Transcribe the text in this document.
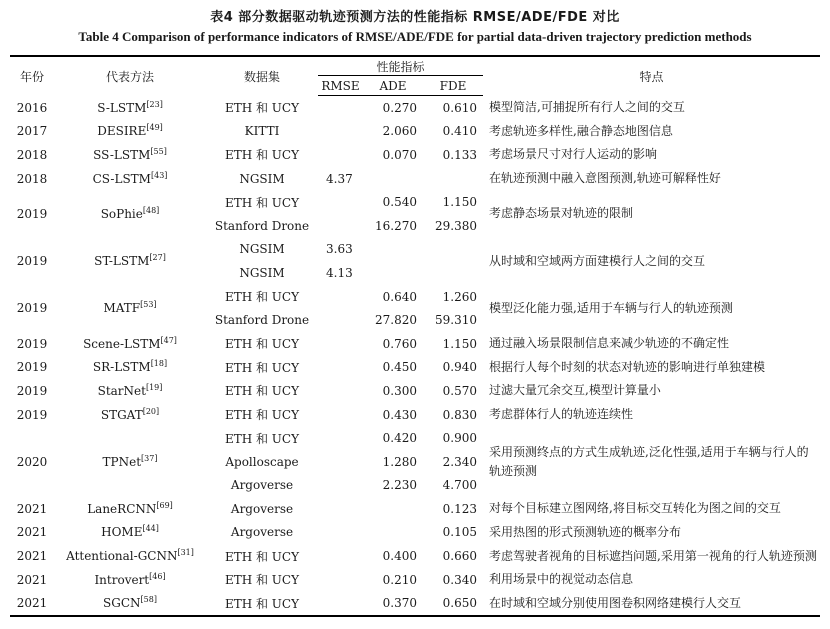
表4 部分数据驱动轨迹预测方法的性能指标 RMSE/ADE/FDE 对比
Table 4 Comparison of performance indicators of RMSE/ADE/FDE for partial data-driven trajectory prediction methods
年份	代表方法	数据集	性能指标			特点
			RMSE	ADE	FDE	
2016	S-LSTM[23]	ETH 和 UCY		0.270	0.610	模型简洁,可捕捉所有行人之间的交互
2017	DESIRE[49]	KITTI		2.060	0.410	考虑轨迹多样性,融合静态地图信息
2018	SS-LSTM[55]	ETH 和 UCY		0.070	0.133	考虑场景尺寸对行人运动的影响
2018	CS-LSTM[43]	NGSIM	4.37			在轨迹预测中融入意图预测,轨迹可解释性好
2019	SoPhie[48]	ETH 和 UCY		0.540	1.150	考虑静态场景对轨迹的限制
		Stanford Drone		16.270	29.380	
2019	ST-LSTM[27]	NGSIM	3.63			从时域和空域两方面建模行人之间的交互
		NGSIM	4.13			
2019	MATF[53]	ETH 和 UCY		0.640	1.260	模型泛化能力强,适用于车辆与行人的轨迹预测
		Stanford Drone		27.820	59.310	
2019	Scene-LSTM[47]	ETH 和 UCY		0.760	1.150	通过融入场景限制信息来减少轨迹的不确定性
2019	SR-LSTM[18]	ETH 和 UCY		0.450	0.940	根据行人每个时刻的状态对轨迹的影响进行单独建模
2019	StarNet[19]	ETH 和 UCY		0.300	0.570	过滤大量冗余交互,模型计算量小
2019	STGAT[20]	ETH 和 UCY		0.430	0.830	考虑群体行人的轨迹连续性
2020	TPNet[37]	ETH 和 UCY		0.420	0.900	采用预测终点的方式生成轨迹,泛化性强,适用于车辆与行人的轨迹预测
		Apolloscape		1.280	2.340	
		Argoverse		2.230	4.700	
2021	LaneRCNN[69]	Argoverse			0.123	对每个目标建立图网络,将目标交互转化为图之间的交互
2021	HOME[44]	Argoverse			0.105	采用热图的形式预测轨迹的概率分布
2021	Attentional-GCNN[31]	ETH 和 UCY		0.400	0.660	考虑驾驶者视角的目标遮挡问题,采用第一视角的行人轨迹预测
2021	Introvert[46]	ETH 和 UCY		0.210	0.340	利用场景中的视觉动态信息
2021	SGCN[58]	ETH 和 UCY		0.370	0.650	在时域和空域分别使用图卷积网络建模行人交互
